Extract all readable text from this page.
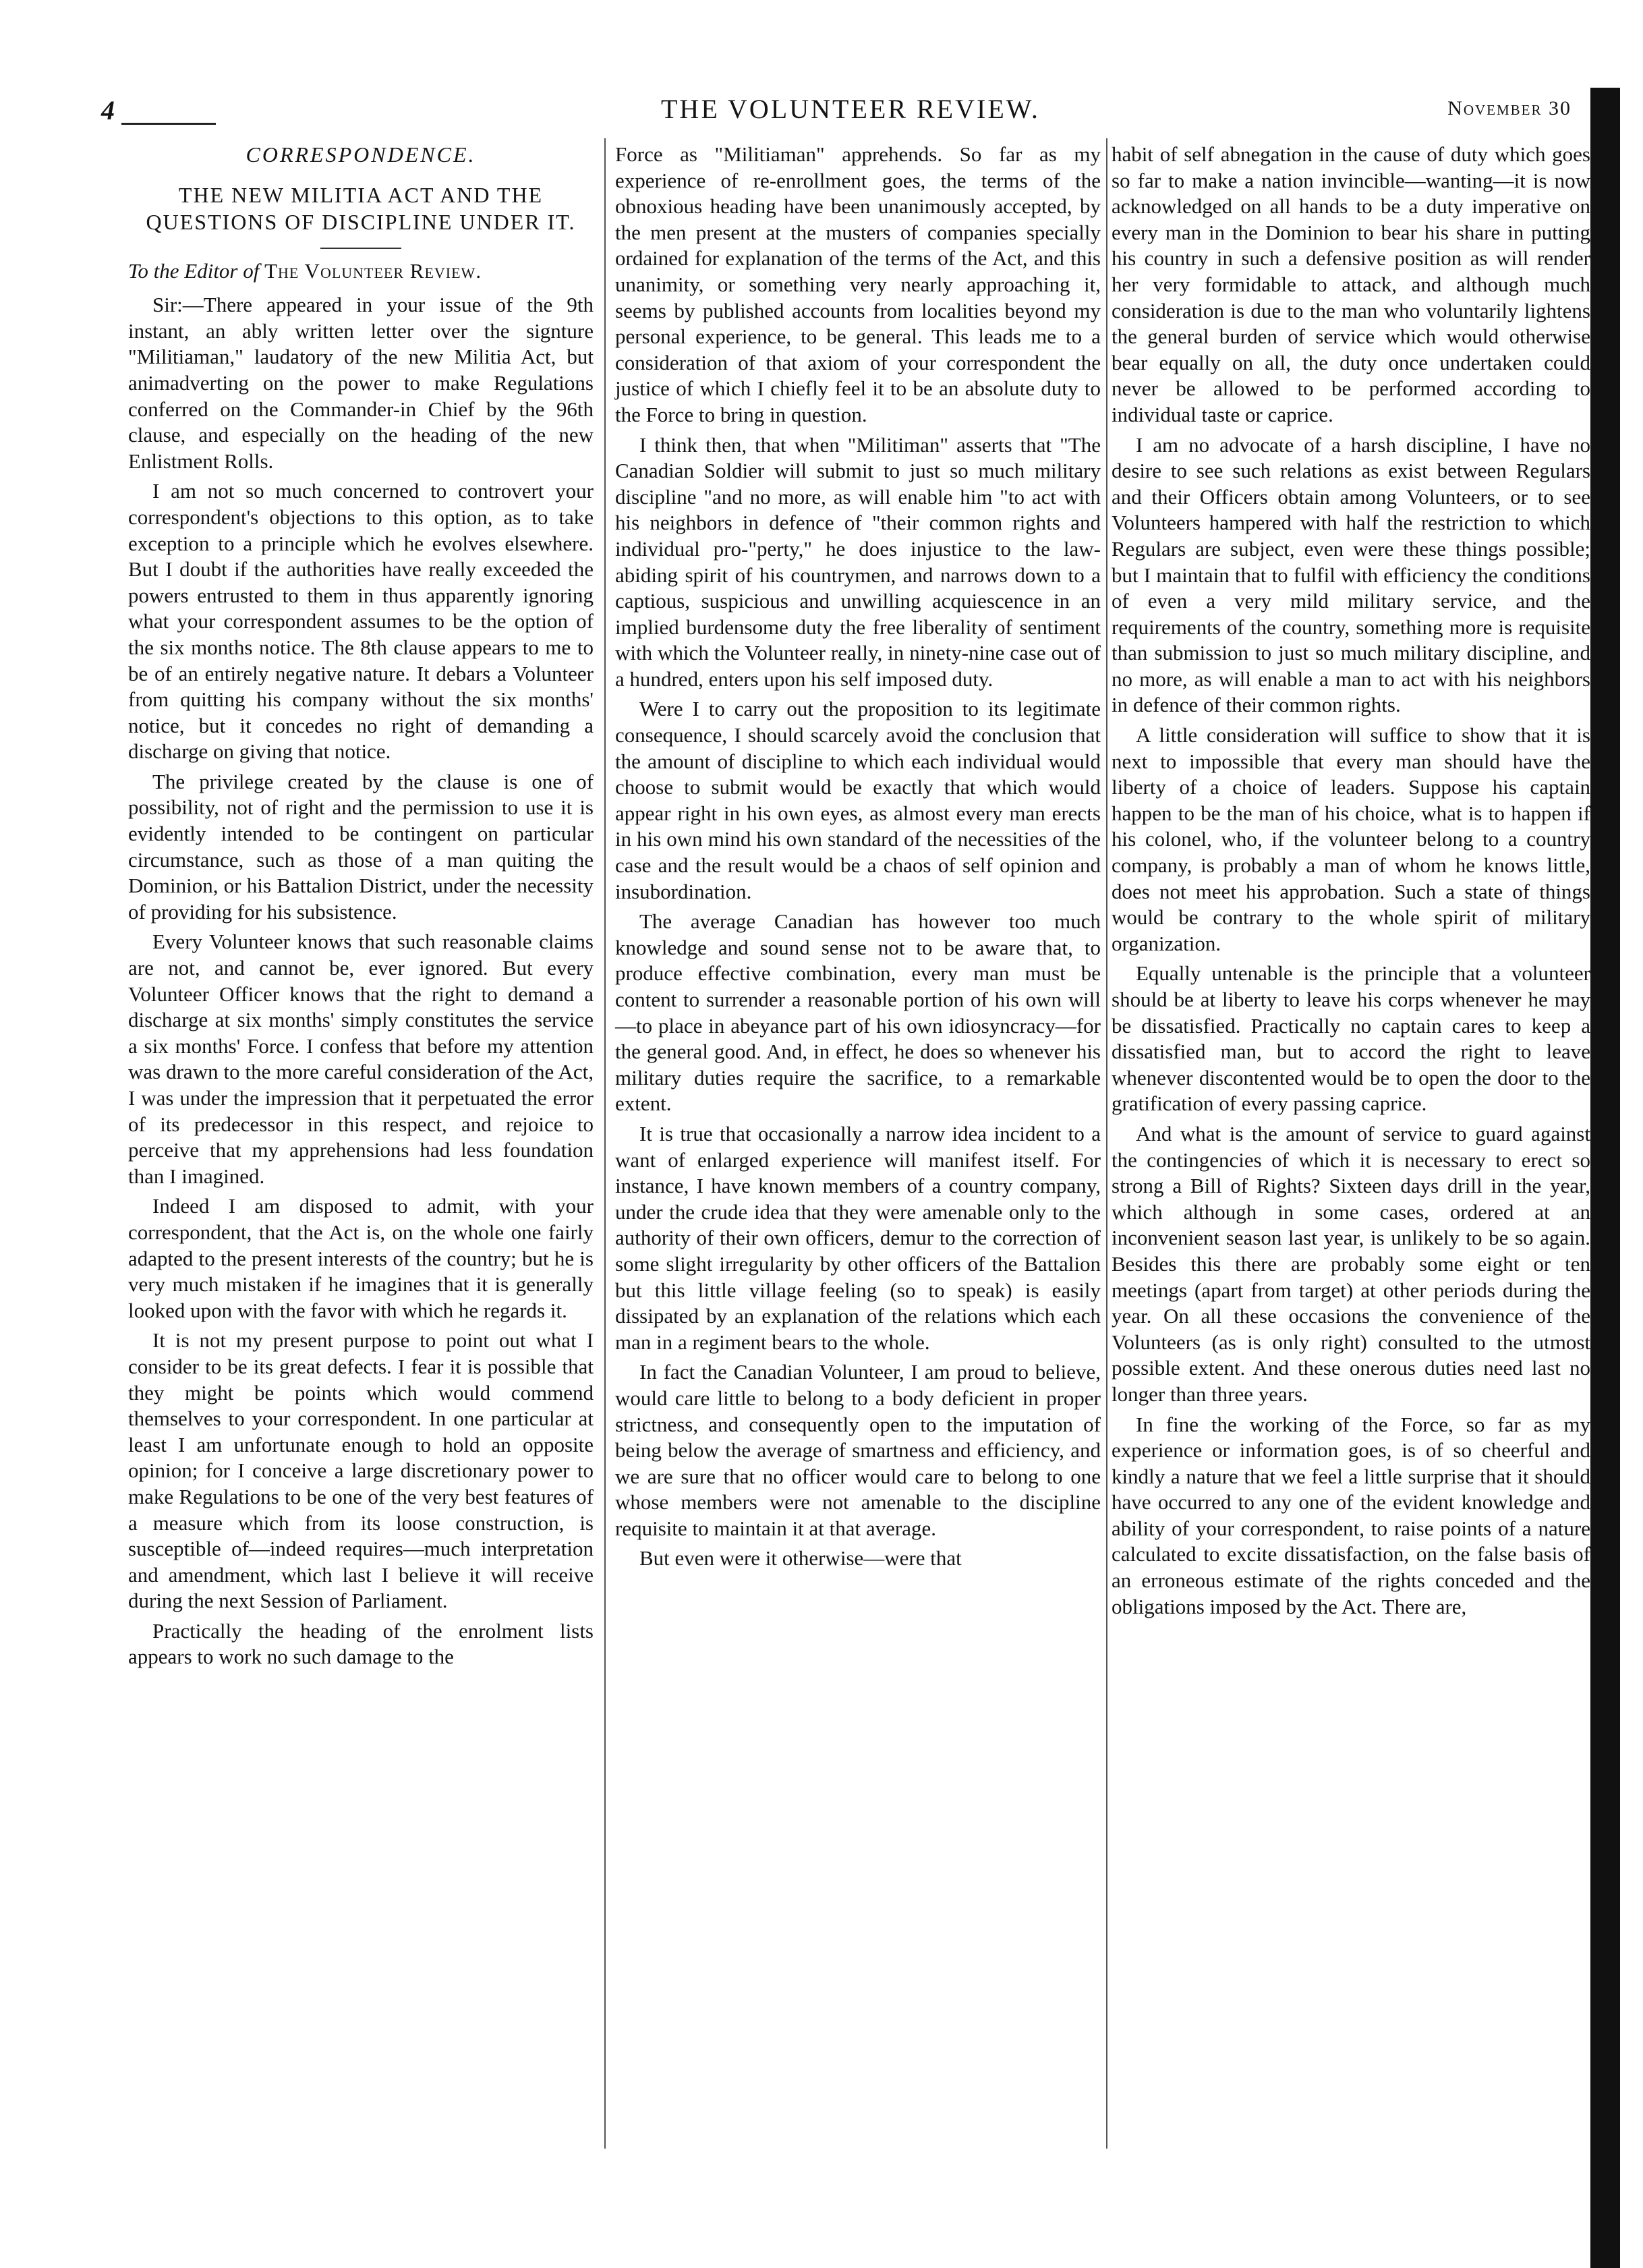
4	THE VOLUNTEER REVIEW.	November 30

CORRESPONDENCE.

THE NEW MILITIA ACT AND THE
QUESTIONS OF DISCIPLINE UNDER IT.

To the Editor of The Volunteer Review.

Sir:—There appeared in your issue of the 9th instant, an ably written letter over the signture "Militiaman," laudatory of the new Militia Act, but animadverting on the power to make Regulations conferred on the Commander-in Chief by the 96th clause, and especially on the heading of the new Enlistment Rolls.

I am not so much concerned to controvert your correspondent's objections to this option, as to take exception to a principle which he evolves elsewhere. But I doubt if the authorities have really exceeded the powers entrusted to them in thus apparently ignoring what your correspondent assumes to be the option of the six months notice. The 8th clause appears to me to be of an entirely negative nature. It debars a Volunteer from quitting his company without the six months' notice, but it concedes no right of demanding a discharge on giving that notice.

The privilege created by the clause is one of possibility, not of right and the permission to use it is evidently intended to be contingent on particular circumstance, such as those of a man quiting the Dominion, or his Battalion District, under the necessity of providing for his subsistence.

Every Volunteer knows that such reasonable claims are not, and cannot be, ever ignored. But every Volunteer Officer knows that the right to demand a discharge at six months' simply constitutes the service a six months' Force. I confess that before my attention was drawn to the more careful consideration of the Act, I was under the impression that it perpetuated the error of its predecessor in this respect, and rejoice to perceive that my apprehensions had less foundation than I imagined.

Indeed I am disposed to admit, with your correspondent, that the Act is, on the whole one fairly adapted to the present interests of the country; but he is very much mistaken if he imagines that it is generally looked upon with the favor with which he regards it.

It is not my present purpose to point out what I consider to be its great defects. I fear it is possible that they might be points which would commend themselves to your correspondent. In one particular at least I am unfortunate enough to hold an opposite opinion; for I conceive a large discretionary power to make Regulations to be one of the very best features of a measure which from its loose construction, is susceptible of—indeed requires—much interpretation and amendment, which last I believe it will receive during the next Session of Parliament.

Practically the heading of the enrolment lists appears to work no such damage to the

Force as "Militiaman" apprehends. So far as my experience of re-enrollment goes, the terms of the obnoxious heading have been unanimously accepted, by the men present at the musters of companies specially ordained for explanation of the terms of the Act, and this unanimity, or something very nearly approaching it, seems by published accounts from localities beyond my personal experience, to be general. This leads me to a consideration of that axiom of your correspondent the justice of which I chiefly feel it to be an absolute duty to the Force to bring in question.

I think then, that when "Militiman" asserts that "The Canadian Soldier will submit to just so much military discipline "and no more, as will enable him "to act with his neighbors in defence of "their common rights and individual pro-"perty," he does injustice to the law-abiding spirit of his countrymen, and narrows down to a captious, suspicious and unwilling acquiescence in an implied burdensome duty the free liberality of sentiment with which the Volunteer really, in ninety-nine case out of a hundred, enters upon his self imposed duty.

Were I to carry out the proposition to its legitimate consequence, I should scarcely avoid the conclusion that the amount of discipline to which each individual would choose to submit would be exactly that which would appear right in his own eyes, as almost every man erects in his own mind his own standard of the necessities of the case and the result would be a chaos of self opinion and insubordination.

The average Canadian has however too much knowledge and sound sense not to be aware that, to produce effective combination, every man must be content to surrender a reasonable portion of his own will—to place in abeyance part of his own idiosyncracy—for the general good. And, in effect, he does so whenever his military duties require the sacrifice, to a remarkable extent.

It is true that occasionally a narrow idea incident to a want of enlarged experience will manifest itself. For instance, I have known members of a country company, under the crude idea that they were amenable only to the authority of their own officers, demur to the correction of some slight irregularity by other officers of the Battalion but this little village feeling (so to speak) is easily dissipated by an explanation of the relations which each man in a regiment bears to the whole.

In fact the Canadian Volunteer, I am proud to believe, would care little to belong to a body deficient in proper strictness, and consequently open to the imputation of being below the average of smartness and efficiency, and we are sure that no officer would care to belong to one whose members were not amenable to the discipline requisite to maintain it at that average.

But even were it otherwise—were that

habit of self abnegation in the cause of duty which goes so far to make a nation invincible—wanting—it is now acknowledged on all hands to be a duty imperative on every man in the Dominion to bear his share in putting his country in such a defensive position as will render her very formidable to attack, and although much consideration is due to the man who voluntarily lightens the general burden of service which would otherwise bear equally on all, the duty once undertaken could never be allowed to be performed according to individual taste or caprice.

I am no advocate of a harsh discipline, I have no desire to see such relations as exist between Regulars and their Officers obtain among Volunteers, or to see Volunteers hampered with half the restriction to which Regulars are subject, even were these things possible; but I maintain that to fulfil with efficiency the conditions of even a very mild military service, and the requirements of the country, something more is requisite than submission to just so much military discipline, and no more, as will enable a man to act with his neighbors in defence of their common rights.

A little consideration will suffice to show that it is next to impossible that every man should have the liberty of a choice of leaders. Suppose his captain happen to be the man of his choice, what is to happen if his colonel, who, if the volunteer belong to a country company, is probably a man of whom he knows little, does not meet his approbation. Such a state of things would be contrary to the whole spirit of military organization.

Equally untenable is the principle that a volunteer should be at liberty to leave his corps whenever he may be dissatisfied. Practically no captain cares to keep a dissatisfied man, but to accord the right to leave whenever discontented would be to open the door to the gratification of every passing caprice.

And what is the amount of service to guard against the contingencies of which it is necessary to erect so strong a Bill of Rights? Sixteen days drill in the year, which although in some cases, ordered at an inconvenient season last year, is unlikely to be so again. Besides this there are probably some eight or ten meetings (apart from target) at other periods during the year. On all these occasions the convenience of the Volunteers (as is only right) consulted to the utmost possible extent. And these onerous duties need last no longer than three years.

In fine the working of the Force, so far as my experience or information goes, is of so cheerful and kindly a nature that we feel a little surprise that it should have occurred to any one of the evident knowledge and ability of your correspondent, to raise points of a nature calculated to excite dissatisfaction, on the false basis of an erroneous estimate of the rights conceded and the obligations imposed by the Act. There are,
